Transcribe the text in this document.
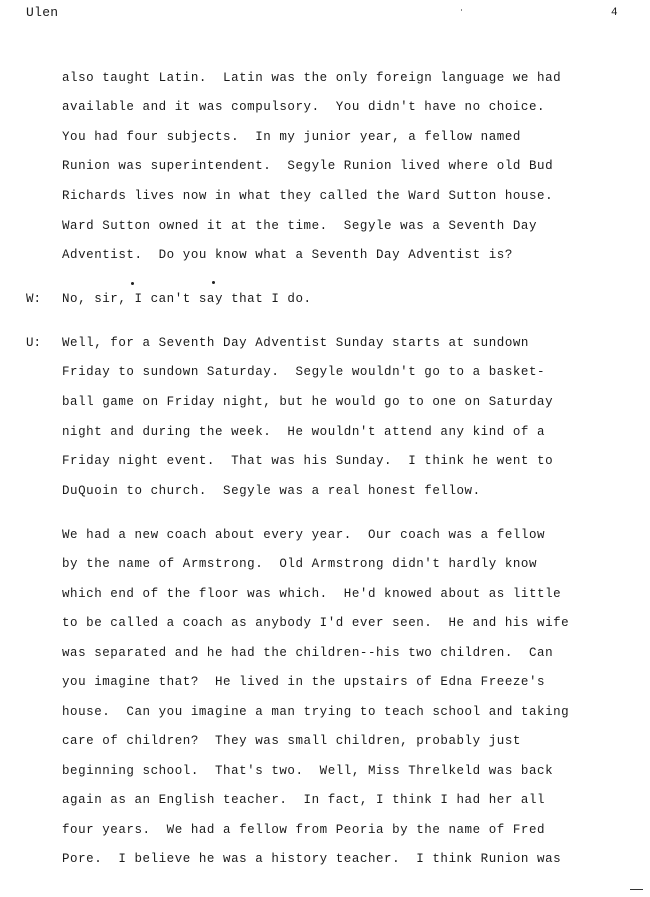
Ulen	4
also taught Latin.  Latin was the only foreign language we had
available and it was compulsory.  You didn't have no choice.
You had four subjects.  In my junior year, a fellow named
Runion was superintendent.  Segyle Runion lived where old Bud
Richards lives now in what they called the Ward Sutton house.
Ward Sutton owned it at the time.  Segyle was a Seventh Day
Adventist.  Do you know what a Seventh Day Adventist is?
W: No, sir, I can't say that I do.
U: Well, for a Seventh Day Adventist Sunday starts at sundown
Friday to sundown Saturday.  Segyle wouldn't go to a basket-
ball game on Friday night, but he would go to one on Saturday
night and during the week.  He wouldn't attend any kind of a
Friday night event.  That was his Sunday.  I think he went to
DuQuoin to church.  Segyle was a real honest fellow.
We had a new coach about every year.  Our coach was a fellow
by the name of Armstrong.  Old Armstrong didn't hardly know
which end of the floor was which.  He'd knowed about as little
to be called a coach as anybody I'd ever seen.  He and his wife
was separated and he had the children--his two children.  Can
you imagine that?  He lived in the upstairs of Edna Freeze's
house.  Can you imagine a man trying to teach school and taking
care of children?  They was small children, probably just
beginning school.  That's two.  Well, Miss Threlkeld was back
again as an English teacher.  In fact, I think I had her all
four years.  We had a fellow from Peoria by the name of Fred
Pore.  I believe he was a history teacher.  I think Runion was
